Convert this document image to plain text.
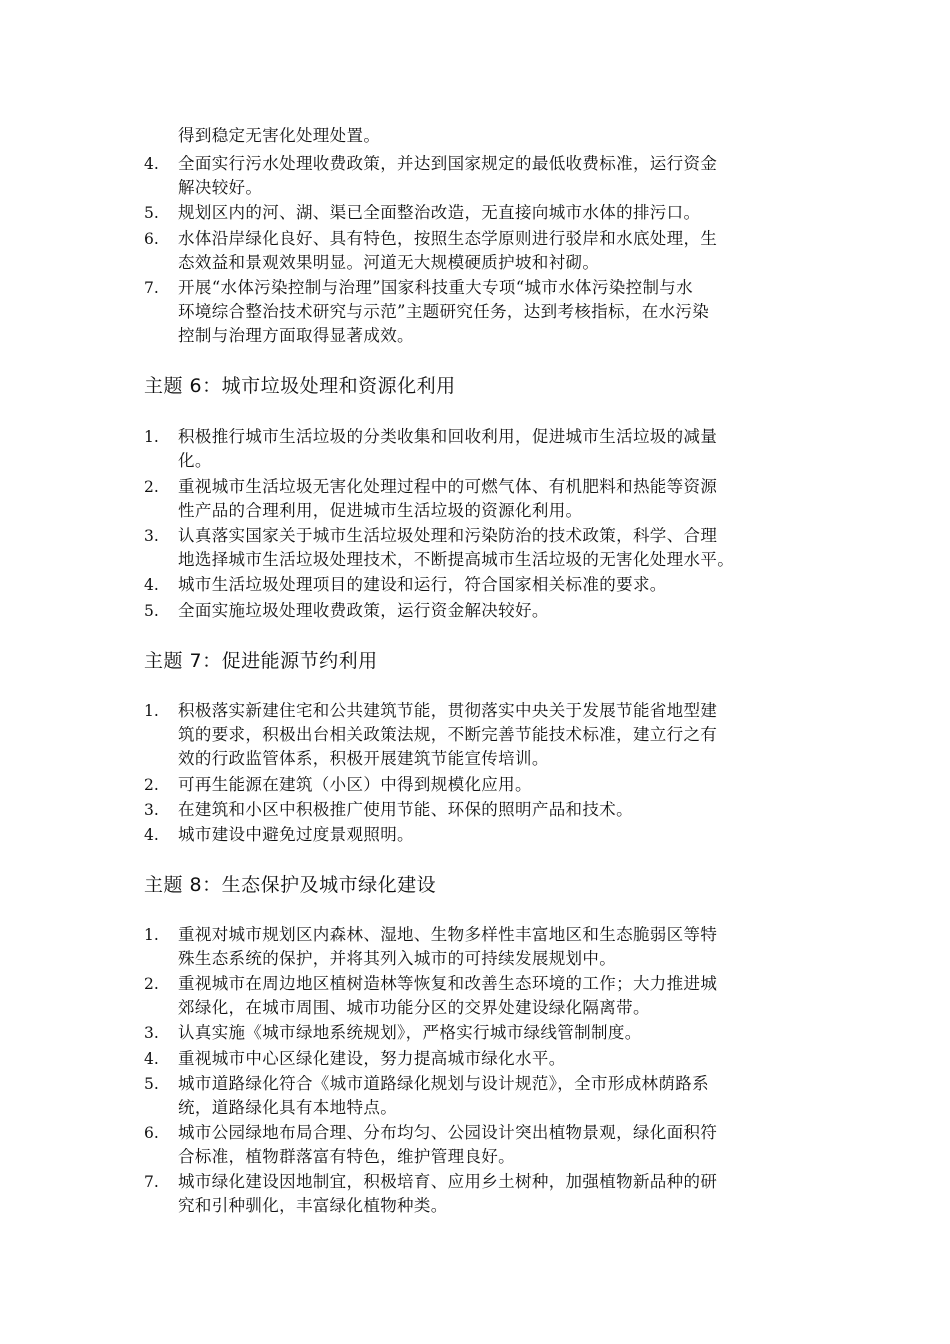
得到稳定无害化处理处置。
4. 全面实行污水处理收费政策，并达到国家规定的最低收费标准，运行资金
解决较好。
5. 规划区内的河、湖、渠已全面整治改造，无直接向城市水体的排污口。
6. 水体沿岸绿化良好、具有特色，按照生态学原则进行驳岸和水底处理，生
态效益和景观效果明显。河道无大规模硬质护坡和衬砌。
7. 开展“水体污染控制与治理”国家科技重大专项“城市水体污染控制与水
环境综合整治技术研究与示范”主题研究任务，达到考核指标，在水污染
控制与治理方面取得显著成效。
主题 6：城市垃圾处理和资源化利用
1. 积极推行城市生活垃圾的分类收集和回收利用，促进城市生活垃圾的减量
化。
2. 重视城市生活垃圾无害化处理过程中的可燃气体、有机肥料和热能等资源
性产品的合理利用，促进城市生活垃圾的资源化利用。
3. 认真落实国家关于城市生活垃圾处理和污染防治的技术政策，科学、合理
地选择城市生活垃圾处理技术，不断提高城市生活垃圾的无害化处理水平。
4. 城市生活垃圾处理项目的建设和运行，符合国家相关标准的要求。
5. 全面实施垃圾处理收费政策，运行资金解决较好。
主题 7：促进能源节约利用
1. 积极落实新建住宅和公共建筑节能，贯彻落实中央关于发展节能省地型建
筑的要求，积极出台相关政策法规，不断完善节能技术标准，建立行之有
效的行政监管体系，积极开展建筑节能宣传培训。
2. 可再生能源在建筑（小区）中得到规模化应用。
3. 在建筑和小区中积极推广使用节能、环保的照明产品和技术。
4. 城市建设中避免过度景观照明。
主题 8：生态保护及城市绿化建设
1. 重视对城市规划区内森林、湿地、生物多样性丰富地区和生态脆弱区等特
殊生态系统的保护，并将其列入城市的可持续发展规划中。
2. 重视城市在周边地区植树造林等恢复和改善生态环境的工作；大力推进城
郊绿化，在城市周围、城市功能分区的交界处建设绿化隔离带。
3. 认真实施《城市绿地系统规划》，严格实行城市绿线管制制度。
4. 重视城市中心区绿化建设，努力提高城市绿化水平。
5. 城市道路绿化符合《城市道路绿化规划与设计规范》，全市形成林荫路系
统，道路绿化具有本地特点。
6. 城市公园绿地布局合理、分布均匀、公园设计突出植物景观，绿化面积符
合标准，植物群落富有特色，维护管理良好。
7. 城市绿化建设因地制宜，积极培育、应用乡土树种，加强植物新品种的研
究和引种驯化，丰富绿化植物种类。
